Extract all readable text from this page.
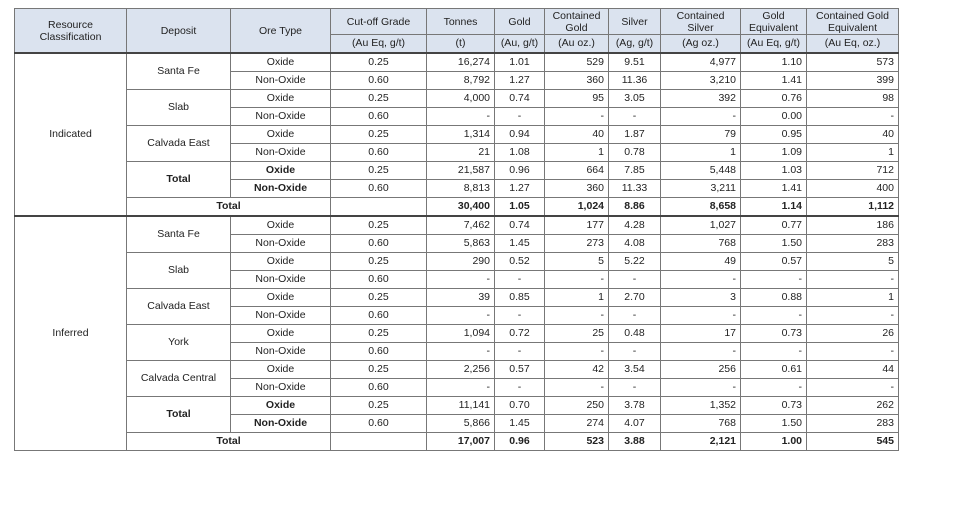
Resource Classification	Deposit	Ore Type	Cut-off Grade	Tonnes	Gold	Contained Gold	Silver	Contained Silver	Gold Equivalent	Contained Gold Equivalent
			(Au Eq, g/t)	(t)	(Au, g/t)	(Au oz.)	(Ag, g/t)	(Ag oz.)	(Au Eq, g/t)	(Au Eq, oz.)
Indicated	Santa Fe	Oxide	0.25	16,274	1.01	529	9.51	4,977	1.10	573
		Non-Oxide	0.60	8,792	1.27	360	11.36	3,210	1.41	399
	Slab	Oxide	0.25	4,000	0.74	95	3.05	392	0.76	98
		Non-Oxide	0.60	-	-	-	-	-	0.00	-
	Calvada East	Oxide	0.25	1,314	0.94	40	1.87	79	0.95	40
		Non-Oxide	0.60	21	1.08	1	0.78	1	1.09	1
	Total	Oxide	0.25	21,587	0.96	664	7.85	5,448	1.03	712
		Non-Oxide	0.60	8,813	1.27	360	11.33	3,211	1.41	400
	Total			30,400	1.05	1,024	8.86	8,658	1.14	1,112
Inferred	Santa Fe	Oxide	0.25	7,462	0.74	177	4.28	1,027	0.77	186
		Non-Oxide	0.60	5,863	1.45	273	4.08	768	1.50	283
	Slab	Oxide	0.25	290	0.52	5	5.22	49	0.57	5
		Non-Oxide	0.60	-	-	-	-	-	-	-
	Calvada East	Oxide	0.25	39	0.85	1	2.70	3	0.88	1
		Non-Oxide	0.60	-	-	-	-	-	-	-
	York	Oxide	0.25	1,094	0.72	25	0.48	17	0.73	26
		Non-Oxide	0.60	-	-	-	-	-	-	-
	Calvada Central	Oxide	0.25	2,256	0.57	42	3.54	256	0.61	44
		Non-Oxide	0.60	-	-	-	-	-	-	-
	Total	Oxide	0.25	11,141	0.70	250	3.78	1,352	0.73	262
		Non-Oxide	0.60	5,866	1.45	274	4.07	768	1.50	283
	Total			17,007	0.96	523	3.88	2,121	1.00	545
